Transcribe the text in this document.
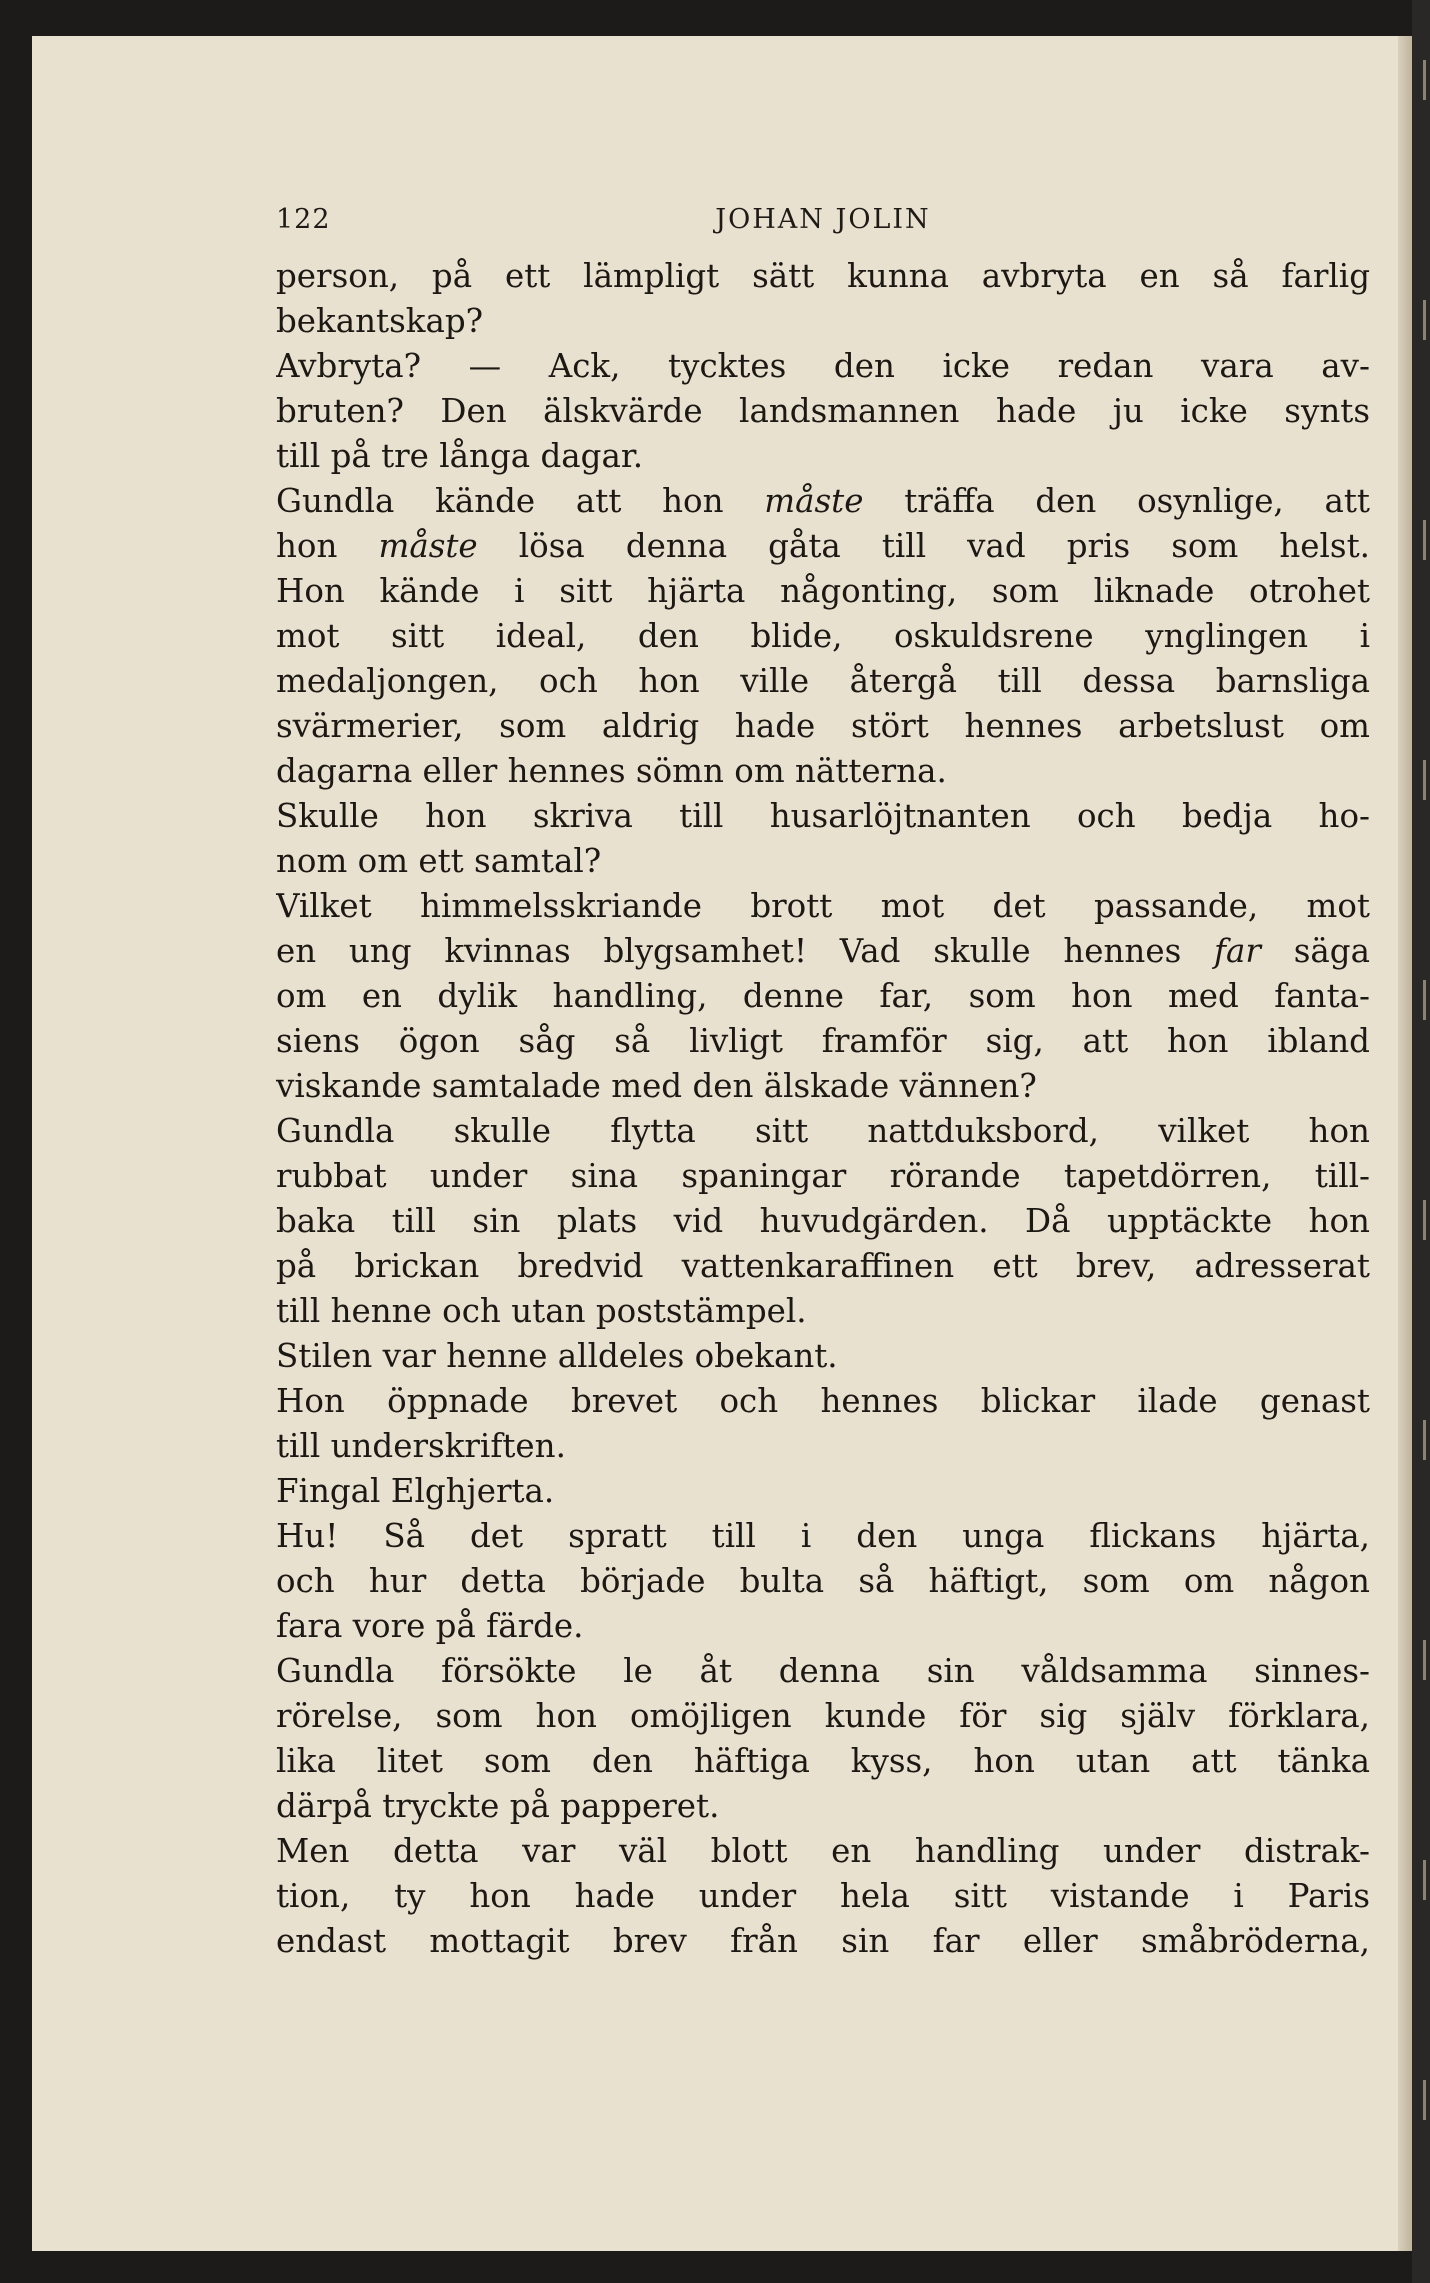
122	JOHAN JOLIN
person, på ett lämpligt sätt kunna avbryta en så farlig
bekantskap?
Avbryta? — Ack, tycktes den icke redan vara av-
bruten? Den älskvärde landsmannen hade ju icke synts
till på tre långa dagar.
Gundla kände att hon måste träffa den osynlige, att
hon måste lösa denna gåta till vad pris som helst.
Hon kände i sitt hjärta någonting, som liknade otrohet
mot sitt ideal, den blide, oskuldsrene ynglingen i
medaljongen, och hon ville återgå till dessa barnsliga
svärmerier, som aldrig hade stört hennes arbetslust om
dagarna eller hennes sömn om nätterna.
Skulle hon skriva till husarlöjtnanten och bedja ho-
nom om ett samtal?
Vilket himmelsskriande brott mot det passande, mot
en ung kvinnas blygsamhet! Vad skulle hennes far säga
om en dylik handling, denne far, som hon med fanta-
siens ögon såg så livligt framför sig, att hon ibland
viskande samtalade med den älskade vännen?
Gundla skulle flytta sitt nattduksbord, vilket hon
rubbat under sina spaningar rörande tapetdörren, till-
baka till sin plats vid huvudgärden. Då upptäckte hon
på brickan bredvid vattenkaraffinen ett brev, adresserat
till henne och utan poststämpel.
Stilen var henne alldeles obekant.
Hon öppnade brevet och hennes blickar ilade genast
till underskriften.
Fingal Elghjerta.
Hu! Så det spratt till i den unga flickans hjärta,
och hur detta började bulta så häftigt, som om någon
fara vore på färde.
Gundla försökte le åt denna sin våldsamma sinnes-
rörelse, som hon omöjligen kunde för sig själv förklara,
lika litet som den häftiga kyss, hon utan att tänka
därpå tryckte på papperet.
Men detta var väl blott en handling under distrak-
tion, ty hon hade under hela sitt vistande i Paris
endast mottagit brev från sin far eller småbröderna,
